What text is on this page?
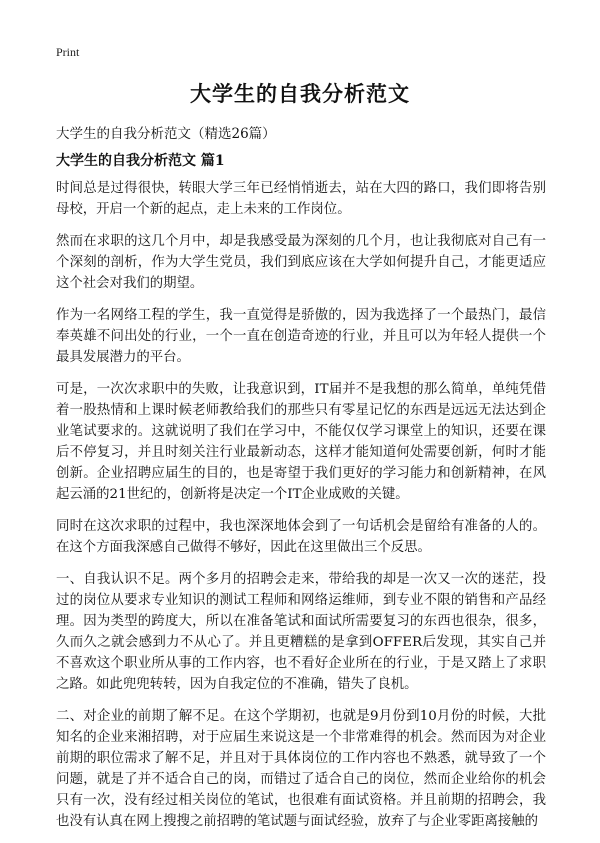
Print
大学生的自我分析范文
大学生的自我分析范文（精选26篇）
大学生的自我分析范文 篇1

时间总是过得很快，转眼大学三年已经悄悄逝去，站在大四的路口，我们即将告别母校，开启一个新的起点，走上未来的工作岗位。

然而在求职的这几个月中，却是我感受最为深刻的几个月，也让我彻底对自己有一个深刻的剖析，作为大学生党员，我们到底应该在大学如何提升自己，才能更适应这个社会对我们的期望。

作为一名网络工程的学生，我一直觉得是骄傲的，因为我选择了一个最热门，最信奉英雄不问出处的行业，一个一直在创造奇迹的行业，并且可以为年轻人提供一个最具发展潜力的平台。

可是，一次次求职中的失败，让我意识到，IT届并不是我想的那么简单，单纯凭借着一股热情和上课时候老师教给我们的那些只有零星记忆的东西是远远无法达到企业笔试要求的。这就说明了我们在学习中，不能仅仅学习课堂上的知识，还要在课后不停复习，并且时刻关注行业最新动态，这样才能知道何处需要创新，何时才能创新。企业招聘应届生的目的，也是寄望于我们更好的学习能力和创新精神，在风起云涌的21世纪的，创新将是决定一个IT企业成败的关键。

同时在这次求职的过程中，我也深深地体会到了一句话机会是留给有准备的人的。在这个方面我深感自己做得不够好，因此在这里做出三个反思。

一、自我认识不足。两个多月的招聘会走来，带给我的却是一次又一次的迷茫，投过的岗位从要求专业知识的测试工程师和网络运维师，到专业不限的销售和产品经理。因为类型的跨度大，所以在准备笔试和面试所需要复习的东西也很杂，很多，久而久之就会感到力不从心了。并且更糟糕的是拿到OFFER后发现，其实自己并不喜欢这个职业所从事的工作内容，也不看好企业所在的行业，于是又踏上了求职之路。如此兜兜转转，因为自我定位的不准确，错失了良机。

二、对企业的前期了解不足。在这个学期初，也就是9月份到10月份的时候，大批知名的企业来湘招聘，对于应届生来说这是一个非常难得的机会。然而因为对企业前期的职位需求了解不足，并且对于具体岗位的工作内容也不熟悉，就导致了一个问题，就是了并不适合自己的岗，而错过了适合自己的岗位，然而企业给你的机会只有一次，没有经过相关岗位的笔试，也很难有面试资格。并且前期的招聘会，我也没有认真在网上搜搜之前招聘的笔试题与面试经验，放弃了与企业零距离接触的
